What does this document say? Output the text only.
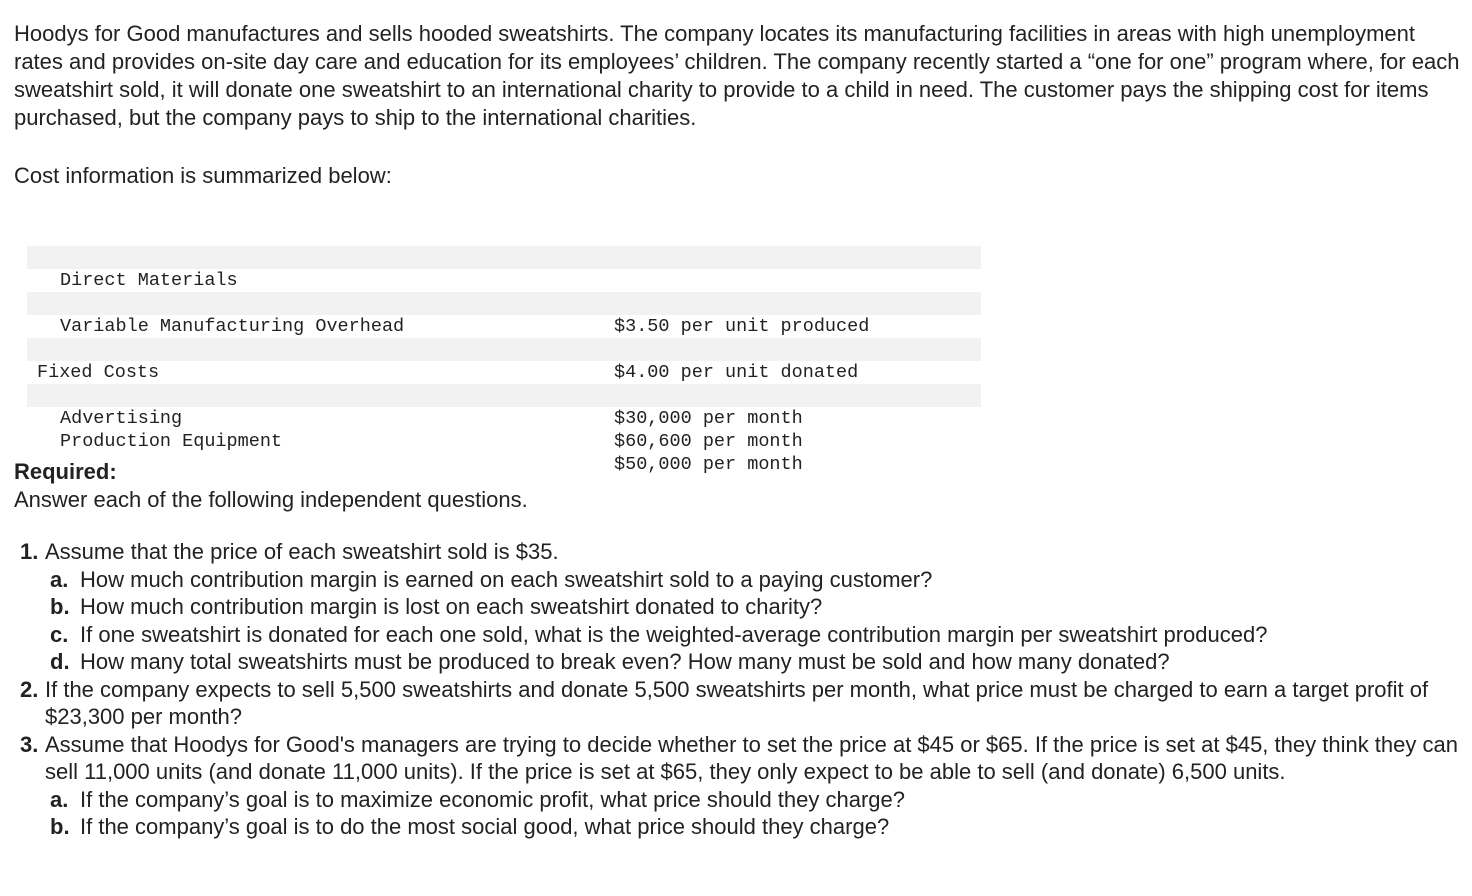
Hoodys for Good manufactures and sells hooded sweatshirts. The company locates its manufacturing facilities in areas with high unemployment rates and provides on-site day care and education for its employees’ children. The company recently started a “one for one” program where, for each sweatshirt sold, it will donate one sweatshirt to an international charity to provide to a child in need. The customer pays the shipping cost for items purchased, but the company pays to ship to the international charities.

Cost information is summarized below:

Direct Materials

$3.50 per unit produced

Variable Manufacturing Overhead

$4.00 per unit donated

Fixed Costs

$30,000 per month

Advertising

$60,600 per month

Production Equipment

$50,000 per month

Required:
Answer each of the following independent questions.
1. Assume that the price of each sweatshirt sold is $35.
a. How much contribution margin is earned on each sweatshirt sold to a paying customer?
b. How much contribution margin is lost on each sweatshirt donated to charity?
c. If one sweatshirt is donated for each one sold, what is the weighted-average contribution margin per sweatshirt produced?
d. How many total sweatshirts must be produced to break even? How many must be sold and how many donated?
2. If the company expects to sell 5,500 sweatshirts and donate 5,500 sweatshirts per month, what price must be charged to earn a target profit of $23,300 per month?
3. Assume that Hoodys for Good's managers are trying to decide whether to set the price at $45 or $65. If the price is set at $45, they think they can sell 11,000 units (and donate 11,000 units). If the price is set at $65, they only expect to be able to sell (and donate) 6,500 units.
a. If the company’s goal is to maximize economic profit, what price should they charge?
b. If the company’s goal is to do the most social good, what price should they charge?
